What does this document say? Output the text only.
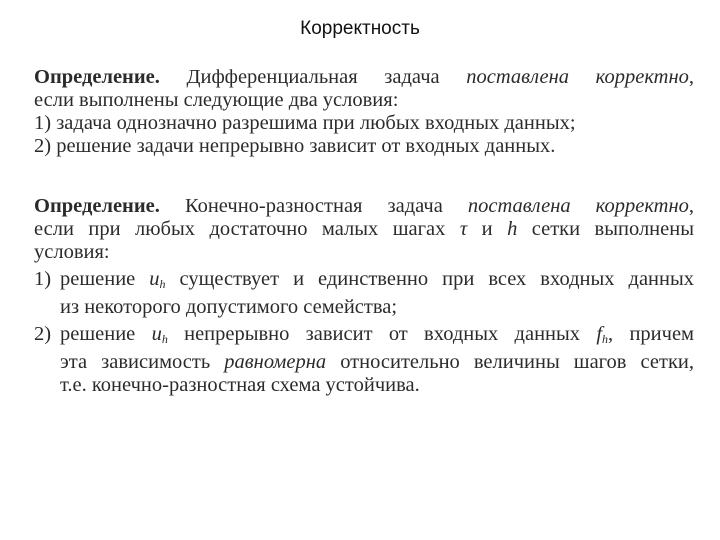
Корректность
Определение. Дифференциальная задача поставлена корректно,
если выполнены следующие два условия:
1) задача однозначно разрешима при любых входных данных;
2) решение задачи непрерывно зависит от входных данных.
Определение. Конечно-разностная задача поставлена корректно,
если при любых достаточно малых шагах τ и h сетки выполнены
условия:
1) решение $u_h$ существует и единственно при всех входных данных
из некоторого допустимого семейства;
2) решение $u_h$ непрерывно зависит от входных данных $f_h$, причем
эта зависимость равномерна относительно величины шагов сетки,
т.е. конечно-разностная схема устойчива.
